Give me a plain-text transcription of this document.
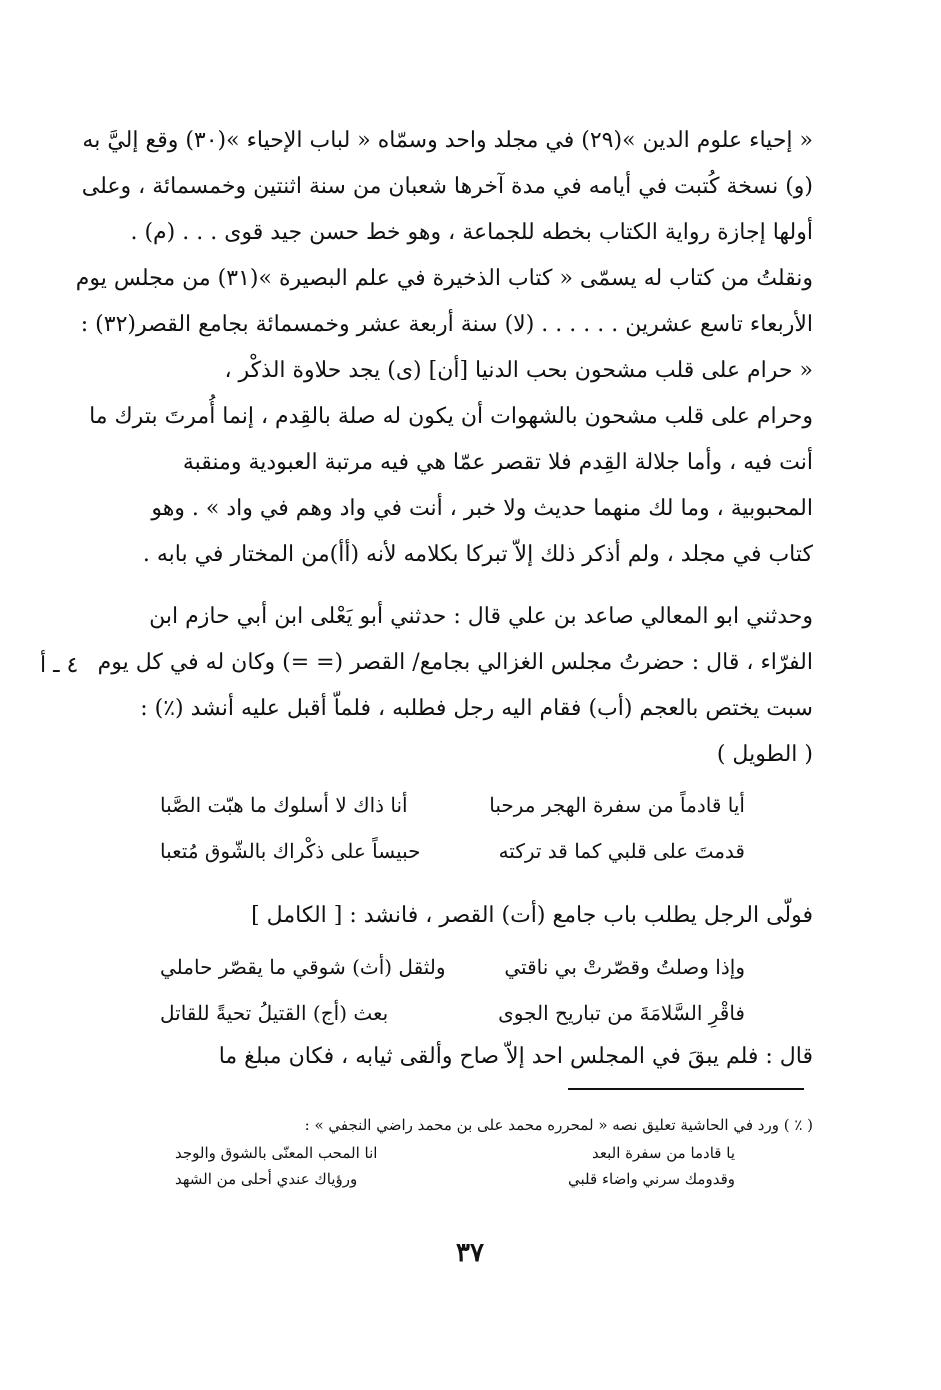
« إحياء علوم الدين »(٢٩) في مجلد واحد وسمّاه « لباب الإحياء »(٣٠) وقع إليَّ به
(و) نسخة كُتبت في أيامه في مدة آخرها شعبان من سنة اثنتين وخمسمائة ، وعلى
أولها إجازة رواية الكتاب بخطه للجماعة ، وهو خط حسن جيد قوى . . . (م) .
ونقلتُ من كتاب له يسمّى « كتاب الذخيرة في علم البصيرة »(٣١) من مجلس يوم
الأربعاء تاسع عشرين . . . . . . (لا) سنة أربعة عشر وخمسمائة بجامع القصر(٣٢) :
« حرام على قلب مشحون بحب الدنيا [أن] (ى) يجد حلاوة الذكْر ،
وحرام على قلب مشحون بالشهوات أن يكون له صلة بالقِدم ، إنما أُمرتَ بترك ما
أنت فيه ، وأما جلالة القِدم فلا تقصر عمّا هي فيه مرتبة العبودية ومنقبة
المحبوبية ، وما لك منهما حديث ولا خبر ، أنت في واد وهم في واد » . وهو
كتاب في مجلد ، ولم أذكر ذلك إلاّ تبركا بكلامه لأنه (أأ)من المختار في بابه .
وحدثني ابو المعالي صاعد بن علي قال : حدثني أبو يَعْلى ابن أبي حازم ابن
الفرّاء ، قال : حضرتُ مجلس الغزالي بجامع/ القصر (= =) وكان له في كل يوم
سبت يختص بالعجم (أب) فقام اليه رجل فطلبه ، فلماّ أقبل عليه أنشد (٪) :
( الطويل )
٤ ـ أ
أيا قادماً من سفرة الهجر مرحبا
أنا ذاك لا أسلوك ما هبّت الصَّبا
قدمتَ على قلبي كما قد تركته
حبيساً على ذكْراك بالشّوق مُتعبا
فولّى الرجل يطلب باب جامع (أت) القصر ، فانشد : [ الكامل ]
وإذا وصلتُ وقصّرتْ بي ناقتي
ولثقل (أث) شوقي ما يقصّر حاملي
فاقْرِ السَّلامَةَ من تباريح الجوى
بعث (أج) القتيلُ تحيةً للقاتل
قال : فلم يبقَ في المجلس احد إلاّ صاح وألقى ثيابه ، فكان مبلغ ما
( ٪ ) ورد في الحاشية تعليق نصه « لمحرره محمد على بن محمد راضي النجفي » :
يا قادما من سفرة البعد
انا المحب المعنّى بالشوق والوجد
وقدومك سرني واضاء قلبي
ورؤياك عندي أحلى من الشهد
٣٧
